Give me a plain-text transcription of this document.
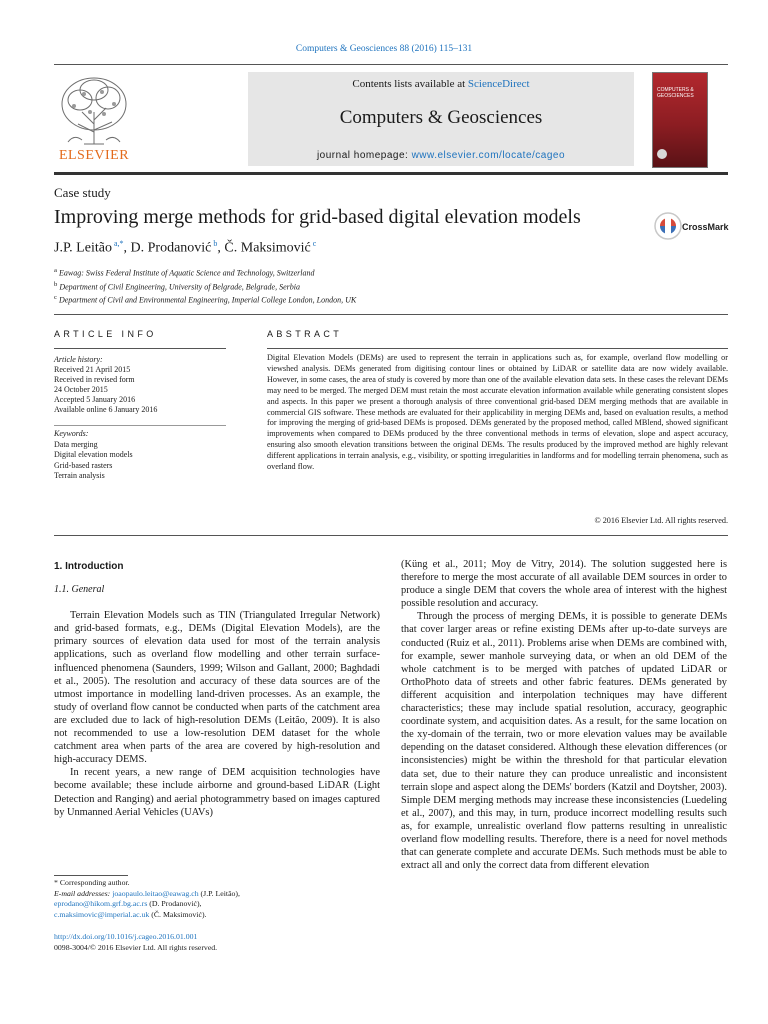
Computers & Geosciences 88 (2016) 115–131
ELSEVIER
Contents lists available at ScienceDirect
Computers & Geosciences
journal homepage: www.elsevier.com/locate/cageo
COMPUTERS & GEOSCIENCES
Case study
Improving merge methods for grid-based digital elevation models	CrossMark
J.P. Leitão $^{a,*}$, D. Prodanović $^b$, Č. Maksimović $^c$
$^a$ Eawag: Swiss Federal Institute of Aquatic Science and Technology, Switzerland
$^b$ Department of Civil Engineering, University of Belgrade, Belgrade, Serbia
$^c$ Department of Civil and Environmental Engineering, Imperial College London, London, UK
ARTICLE INFO	ABSTRACT
Article history:
Received 21 April 2015
Received in revised form
24 October 2015
Accepted 5 January 2016
Available online 6 January 2016
Keywords:
Data merging
Digital elevation models
Grid-based rasters
Terrain analysis
Digital Elevation Models (DEMs) are used to represent the terrain in applications such as, for example, overland flow modelling or viewshed analysis. DEMs generated from digitising contour lines or obtained by LiDAR or satellite data are now widely available. However, in some cases, the area of study is covered by more than one of the available elevation data sets. In these cases the relevant DEMs may need to be merged. The merged DEM must retain the most accurate elevation information available while generating consistent slopes and aspects. In this paper we present a thorough analysis of three conventional grid-based DEM merging methods that are available in commercial GIS software. These methods are evaluated for their applicability in merging DEMs and, based on evaluation results, a method for improving the merging of grid-based DEMs is proposed. DEMs generated by the proposed method, called MBlend, showed significant improvements when compared to DEMs produced by the three conventional methods in terms of elevation, slope and aspect accuracy, ensuring also smooth elevation transitions between the original DEMs. The results produced by the improved method are highly relevant different applications in terrain analysis, e.g., visibility, or spotting irregularities in landforms and for modelling terrain phenomena, such as overland flow.
© 2016 Elsevier Ltd. All rights reserved.
1. Introduction
1.1. General

Terrain Elevation Models such as TIN (Triangulated Irregular Network) and grid-based formats, e.g., DEMs (Digital Elevation Models), are the primary sources of elevation data used for most of the terrain analysis applications, such as overland flow modelling and other terrain surface-influenced phenomena (Saunders, 1999; Wilson and Gallant, 2000; Baghdadi et al., 2005). The resolution and accuracy of these data sources are of the utmost importance in modelling land-driven processes. As an example, the study of overland flow cannot be conducted when parts of the catchment area are excluded due to lack of high-resolution DEMs (Leitão, 2009). It is also not recommended to use a low-resolution DEM dataset for the whole catchment area when parts of the area are covered by high-resolution and high-accuracy DEMS.

In recent years, a new range of DEM acquisition technologies have become available; these include airborne and ground-based LiDAR (Light Detection and Ranging) and aerial photogrammetry based on images captured by Unmanned Aerial Vehicles (UAVs)

(Küng et al., 2011; Moy de Vitry, 2014). The solution suggested here is therefore to merge the most accurate of all available DEM sources in order to produce a single DEM that covers the whole area of interest with the highest possible resolution and accuracy.

Through the process of merging DEMs, it is possible to generate DEMs that cover larger areas or refine existing DEMs after up-to-date surveys are conducted (Ruiz et al., 2011). Problems arise when DEMs are combined with, for example, sewer manhole surveying data, or when an old DEM of the whole catchment is to be merged with patches of updated LiDAR or OrthoPhoto data of streets and other fabric features. DEMs generated by different acquisition and interpolation techniques may have different characteristics; these may include spatial resolution, accuracy, geographic coordinate system, and acquisition dates. As a result, for the same location on the xy-domain of the terrain, two or more elevation values may be available depending on the dataset considered. Although these elevation differences (or inconsistencies) might be within the threshold for that particular elevation data set, due to their nature they can produce unrealistic and inconsistent terrain slope and aspect along the DEMs' borders (Katzil and Doytsher, 2003). Simple DEM merging methods may increase these inconsistencies (Luedeling et al., 2007), and this may, in turn, produce incorrect modelling results such as, for example, unrealistic overland flow patterns resulting in unrealistic overland flow modelling results. Therefore, there is a need for novel methods that can generate complete and accurate DEMs. Such methods must be able to extract all and only the correct data from different elevation

* Corresponding author.
E-mail addresses: joaopaulo.leitao@eawag.ch (J.P. Leitão),
eprodano@hikom.grf.bg.ac.rs (D. Prodanović),
c.maksimovic@imperial.ac.uk (Č. Maksimović).
http://dx.doi.org/10.1016/j.cageo.2016.01.001
0098-3004/© 2016 Elsevier Ltd. All rights reserved.
